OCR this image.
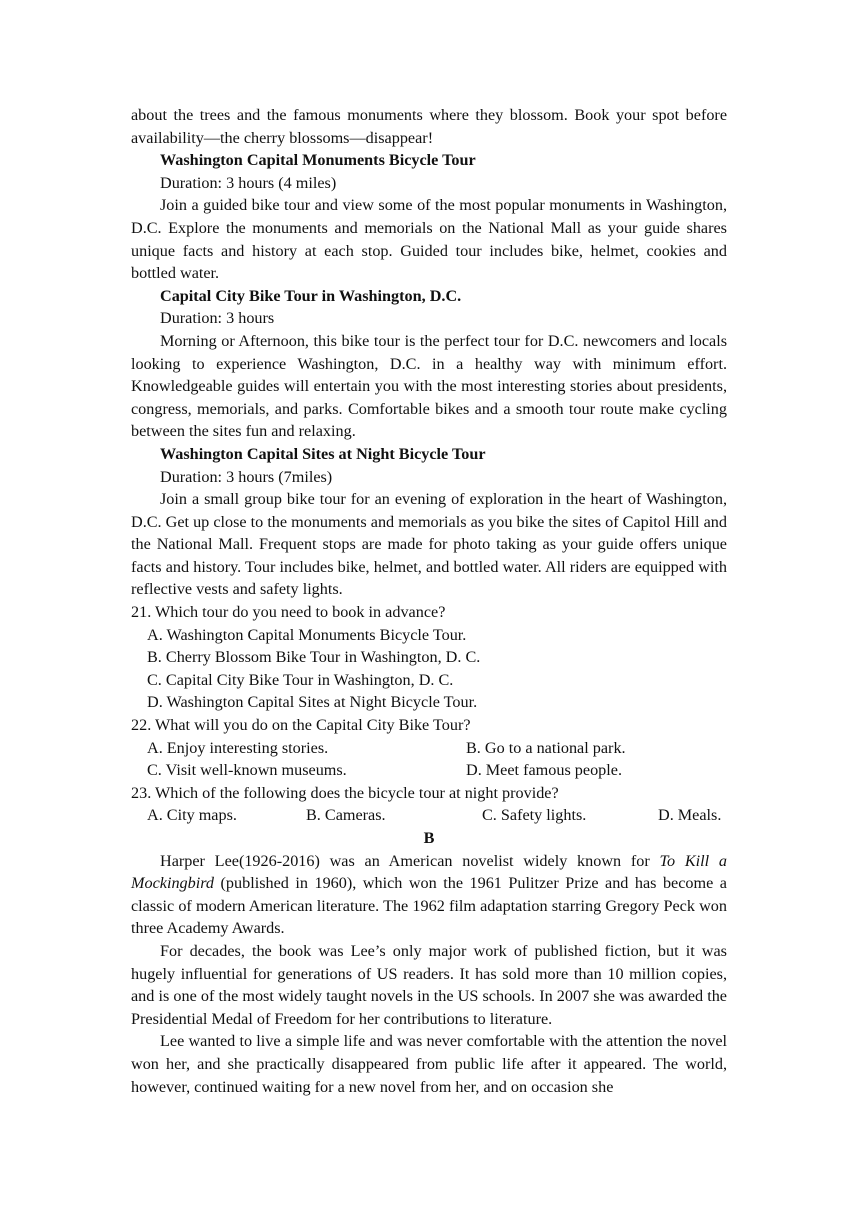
about the trees and the famous monuments where they blossom. Book your spot before availability—the cherry blossoms—disappear!

Washington Capital Monuments Bicycle Tour

Duration: 3 hours (4 miles)

Join a guided bike tour and view some of the most popular monuments in Washington, D.C. Explore the monuments and memorials on the National Mall as your guide shares unique facts and history at each stop. Guided tour includes bike, helmet, cookies and bottled water.

Capital City Bike Tour in Washington, D.C.

Duration: 3 hours

Morning or Afternoon, this bike tour is the perfect tour for D.C. newcomers and locals looking to experience Washington, D.C. in a healthy way with minimum effort. Knowledgeable guides will entertain you with the most interesting stories about presidents, congress, memorials, and parks. Comfortable bikes and a smooth tour route make cycling between the sites fun and relaxing.

Washington Capital Sites at Night Bicycle Tour

Duration: 3 hours (7miles)

Join a small group bike tour for an evening of exploration in the heart of Washington, D.C. Get up close to the monuments and memorials as you bike the sites of Capitol Hill and the National Mall. Frequent stops are made for photo taking as your guide offers unique facts and history. Tour includes bike, helmet, and bottled water. All riders are equipped with reflective vests and safety lights.

21. Which tour do you need to book in advance?

A. Washington Capital Monuments Bicycle Tour.

B. Cherry Blossom Bike Tour in Washington, D. C.

C. Capital City Bike Tour in Washington, D. C.

D. Washington Capital Sites at Night Bicycle Tour.

22. What will you do on the Capital City Bike Tour?

A. Enjoy interesting stories.	B. Go to a national park.
C. Visit well-known museums.	D. Meet famous people.

23. Which of the following does the bicycle tour at night provide?

A. City maps.	B. Cameras.	C. Safety lights.	D. Meals.

B

Harper Lee(1926-2016) was an American novelist widely known for To Kill a Mockingbird (published in 1960), which won the 1961 Pulitzer Prize and has become a classic of modern American literature. The 1962 film adaptation starring Gregory Peck won three Academy Awards.

For decades, the book was Lee’s only major work of published fiction, but it was hugely influential for generations of US readers. It has sold more than 10 million copies, and is one of the most widely taught novels in the US schools. In 2007 she was awarded the Presidential Medal of Freedom for her contributions to literature.

Lee wanted to live a simple life and was never comfortable with the attention the novel won her, and she practically disappeared from public life after it appeared. The world, however, continued waiting for a new novel from her, and on occasion she
